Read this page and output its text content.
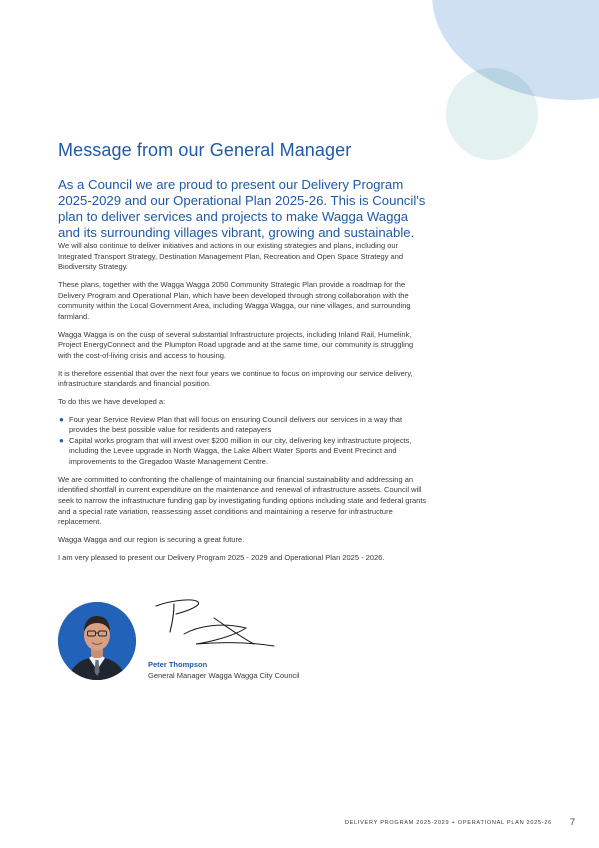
Message from our General Manager

As a Council we are proud to present our Delivery Program 2025-2029 and our Operational Plan 2025-26. This is Council's plan to deliver services and projects to make Wagga Wagga and its surrounding villages vibrant, growing and sustainable.

We will also continue to deliver initiatives and actions in our existing strategies and plans, including our Integrated Transport Strategy, Destination Management Plan, Recreation and Open Space Strategy and Biodiversity Strategy.

These plans, together with the Wagga Wagga 2050 Community Strategic Plan provide a roadmap for the Delivery Program and Operational Plan, which have been developed through strong collaboration with the community within the Local Government Area, including Wagga Wagga, our nine villages, and surrounding farmland.

Wagga Wagga is on the cusp of several substantial Infrastructure projects, including Inland Rail, Humelink, Project EnergyConnect and the Plumpton Road upgrade and at the same time, our community is struggling with the cost-of-living crisis and access to housing.

It is therefore essential that over the next four years we continue to focus on improving our service delivery, infrastructure standards and financial position.

To do this we have developed a:

● Four year Service Review Plan that will focus on ensuring Council delivers our services in a way that provides the best possible value for residents and ratepayers
● Capital works program that will invest over $200 million in our city, delivering key infrastructure projects, including the Levee upgrade in North Wagga, the Lake Albert Water Sports and Event Precinct and improvements to the Gregadoo Waste Management Centre.

We are committed to confronting the challenge of maintaining our financial sustainability and addressing an identified shortfall in current expenditure on the maintenance and renewal of infrastructure assets. Council will seek to narrow the infrastructure funding gap by investigating funding options including state and federal grants and a special rate variation, reassessing asset conditions and maintaining a reserve for infrastructure replacement.

Wagga Wagga and our region is securing a great future.

I am very pleased to present our Delivery Program 2025 - 2029 and Operational Plan 2025 - 2026.

Peter Thompson

General Manager Wagga Wagga City Council

DELIVERY PROGRAM 2025-2029 + OPERATIONAL PLAN 2025-26 7
